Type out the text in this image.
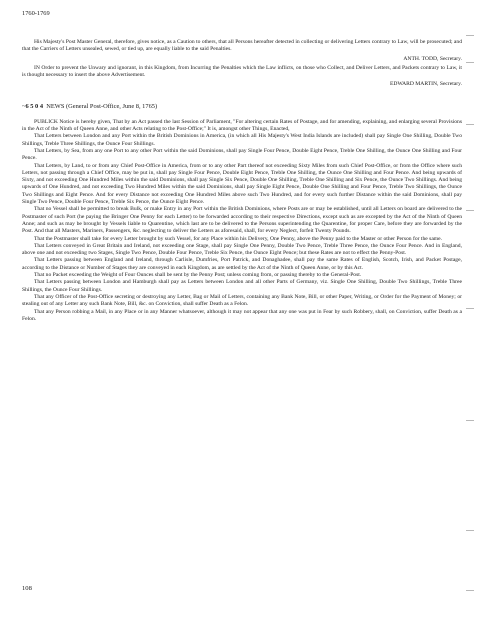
1760-1769

His Majesty's Post Master General, therefore, gives notice, as a Caution to others, that all Persons hereafter detected in collecting or delivering Letters contrary to Law, will be prosecuted; and that the Carriers of Letters unsealed, sewed, or tied up, are equally liable to the said Penalties.

ANTH. TODD, Secretary.

IN Order to prevent the Unwary and ignorant, in this Kingdom, from Incurring the Penalties which the Law inflicts, on those who Collect, and Deliver Letters, and Packets contrary to Law, it is thought necessary to insert the above Advertisement.

EDWARD MARTIN, Secretary.

~6504 NEWS (General Post-Office, June 8, 1765)

PUBLICK Notice is hereby given, That by an Act passed the last Session of Parliament, "For altering certain Rates of Postage, and for amending, explaining, and enlarging several Provisions in the Act of the Ninth of Queen Anne, and other Acts relating to the Post-Office;" It is, amongst other Things, Enacted,

That Letters between London and any Port within the British Dominions in America, (in which all His Majesty's West India Islands are included) shall pay Single One Shilling, Double Two Shillings, Treble Three Shillings, the Ounce Four Shillings.

That Letters, by Sea, from any one Port to any other Port within the said Dominions, shall pay Single Four Pence, Double Eight Pence, Treble One Shilling, the Ounce One Shilling and Four Pence.

That Letters, by Land, to or from any Chief Post-Office in America, from or to any other Part thereof not exceeding Sixty Miles from such Chief Post-Office, or from the Office where such Letters, not passing through a Chief Office, may be put in, shall pay Single Four Pence, Double Eight Pence, Treble One Shilling, the Ounce One Shilling and Four Pence. And being upwards of Sixty, and not exceeding One Hundred Miles within the said Dominions, shall pay Single Six Pence, Double One Shilling, Treble One Shilling and Six Pence, the Ounce Two Shillings. And being upwards of One Hundred, and not exceeding Two Hundred Miles within the said Dominions, shall pay Single Eight Pence, Double One Shilling and Four Pence, Treble Two Shillings, the Ounce Two Shillings and Eight Pence. And for every Distance not exceeding One Hundred Miles above such Two Hundred, and for every such further Distance within the said Dominions, shall pay Single Two Pence, Double Four Pence, Treble Six Pence, the Ounce Eight Pence.

That no Vessel shall be permitted to break Bulk, or make Entry in any Port within the British Dominions, where Posts are or may be established, until all Letters on board are delivered to the Postmaster of such Port (he paying the Bringer One Penny for each Letter) to be forwarded according to their respective Directions, except such as are excepted by the Act of the Ninth of Queen Anne; and such as may be brought by Vessels liable to Quarentine, which last are to be delivered to the Persons superintending the Quarentine, for proper Care, before they are forwarded by the Post. And that all Masters, Mariners, Passengers, &c. neglecting to deliver the Letters as aforesaid, shall, for every Neglect, forfeit Twenty Pounds.

That the Postmaster shall take for every Letter brought by such Vessel, for any Place within his Delivery, One Penny, above the Penny paid to the Master or other Person for the same.

That Letters conveyed in Great Britain and Ireland, not exceeding one Stage, shall pay Single One Penny, Double Two Pence, Treble Three Pence, the Ounce Four Pence. And in England, above one and not exceeding two Stages, Single Two Pence, Double Four Pence, Treble Six Pence, the Ounce Eight Pence; but these Rates are not to effect the Penny-Post.

That Letters passing between England and Ireland, through Carlisle, Dumfries, Port Patrick, and Donaghadee, shall pay the same Rates of English, Scotch, Irish, and Packet Postage, according to the Distance or Number of Stages they are conveyed in each Kingdom, as are settled by the Act of the Ninth of Queen Anne, or by this Act.

That no Packet exceeding the Weight of Four Ounces shall be sent by the Penny Post; unless coming from, or passing thereby to the General-Post.

That Letters passing between London and Hamburgh shall pay as Letters between London and all other Parts of Germany, viz. Single One Shilling, Double Two Shillings, Treble Three Shillings, the Ounce Four Shillings.

That any Officer of the Post-Office secreting or destroying any Letter, Bag or Mail of Letters, containing any Bank Note, Bill, or other Paper, Writing, or Order for the Payment of Money; or stealing out of any Letter any such Bank Note, Bill, &c. on Conviction, shall suffer Death as a Felon.

That any Person robbing a Mail, in any Place or in any Manner whatsoever, although it may not appear that any one was put in Fear by such Robbery, shall, on Conviction, suffer Death as a Felon.

108
